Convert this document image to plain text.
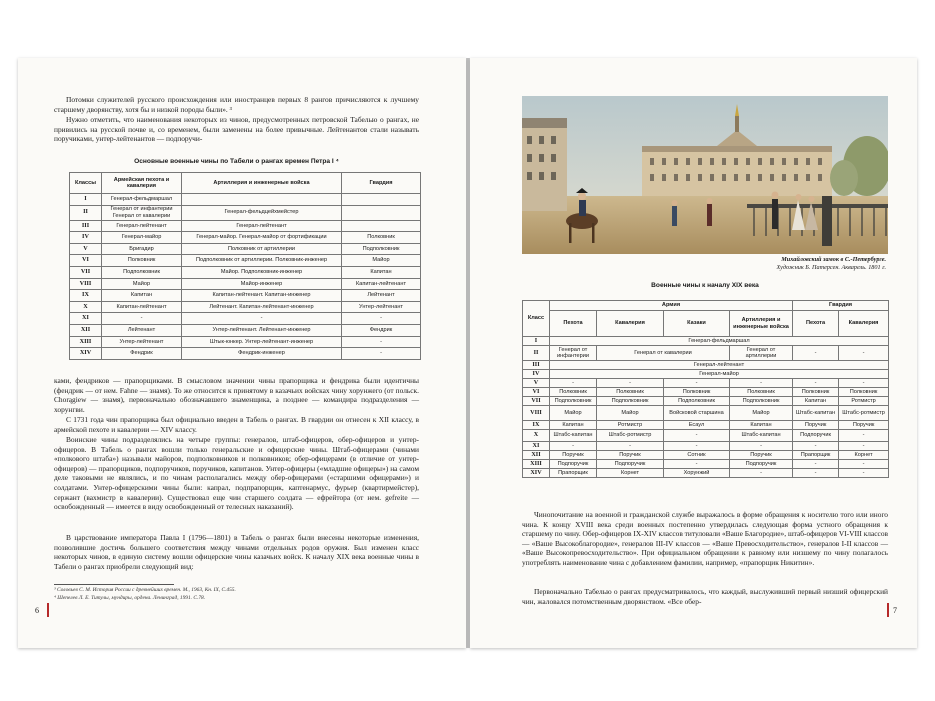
Потомки служителей русского происхождения или иностранцев первых 8 рангов причисляются к лучшему старшему дворянству, хотя бы и низкой породы были». ³

Нужно отметить, что наименования некоторых из чинов, предусмотренных петровской Табелью о рангах, не привились на русской почве и, со временем, были заменены на более привычные. Лейтенантов стали называть поручиками, унтер-лейтенантов — подпоручи-

Основные военные чины по Табели о рангах времен Петра I ⁴
Классы	Армейская пехота и кавалерия	Артиллерия и инженерные войска	Гвардия
I	Генерал-фельдмаршал		
II	Генерал от инфантерии Генерал от кавалерии	Генерал-фельдцейхмейстер	
III	Генерал-лейтенант	Генерал-лейтенант	
IV	Генерал-майор	Генерал-майор. Генерал-майор от фортификации	Полковник
V	Бригадир	Полковник от артиллерии	Подполковник
VI	Полковник	Подполковник от артиллерии. Полковник-инженер	Майор
VII	Подполковник	Майор. Подполковник-инженер	Капитан
VIII	Майор	Майор-инженер	Капитан-лейтенант
IX	Капитан	Капитан-лейтенант. Капитан-инженер	Лейтенант
X	Капитан-лейтенант	Лейтенант. Капитан-лейтенант-инженер	Унтер-лейтенант
XI	-	-	-
XII	Лейтенант	Унтер-лейтенант. Лейтенант-инженер	Фендрик
XIII	Унтер-лейтенант	Штык-юнкер. Унтер-лейтенант-инженер	-
XIV	Фендрик	Фендрик-инженер	-

ками, фендриков — прапорщиками. В смысловом значении чины прапорщика и фендрика были идентичны (фендрик — от нем. Fahne — знамя). То же относится к принятому в казачьих войсках чину хорунжего (от польск. Chorągiew — знамя), первоначально обозначавшего знаменщика, а позднее — командира подразделения — хорунгви.

С 1731 года чин прапорщика был официально введен в Табель о рангах. В гвардии он отнесен к XII классу, в армейской пехоте и кавалерии — XIV классу.

Воинские чины подразделялись на четыре группы: генералов, штаб-офицеров, обер-офицеров и унтер-офицеров. В Табель о рангах вошли только генеральские и офицерские чины. Штаб-офицерами (чинами «полкового штаба») называли майоров, подполковников и полковников; обер-офицерами (в отличие от унтер-офицеров) — прапорщиков, подпоручиков, поручиков, капитанов. Унтер-офицеры («младшие офицеры») на самом деле таковыми не являлись, и по чинам располагались между обер-офицерами («старшими офицерами») и солдатами. Унтер-офицерскими чины были: капрал, подпрапорщик, каптенармус, фурьер (квартирмейстер), сержант (вахмистр в кавалерии). Существовал еще чин старшего солдата — ефрейтора (от нем. gefreite — освобожденный — имеется в виду освобожденный от телесных наказаний).

В царствование императора Павла I (1796—1801) в Табель о рангах были внесены некоторые изменения, позволившие достичь большего соответствия между чинами отдельных родов оружия. Был изменен класс некоторых чинов, в единую систему вошли офицерские чины казачьих войск. К началу XIX века военные чины в Табели о рангах приобрели следующий вид:

³ Соловьев С. М. История России с древнейших времен. М., 1963, Кн. IX, С.455.
⁴ Шепелев Л. Е. Титулы, мундиры, ордена. Ленинград, 1991. С.78.
6
Михайловский замок в С.-Петербурге.
Художник Б. Патерсен. Акварель. 1801 г.
Военные чины к началу XIX века
Класс	Армия				Гвардия	
	Пехота	Кавалерия	Казаки	Артиллерия и инженерные войска	Пехота	Кавалерия
I	Генерал-фельдмаршал					
II	Генерал от инфантерии	Генерал от кавалерии		Генерал от артиллерии	-	-
III	Генерал-лейтенант					
IV	Генерал-майор					
V	-	-	-	-	-	-
VI	Полковник	Полковник	Полковник	Полковник	Полковник	Полковник
VII	Подполковник	Подполковник	Подполковник	Подполковник	Капитан	Ротмистр
VIII	Майор	Майор	Войсковой старшина	Майор	Штабс-капитан	Штабс-ротмистр
IX	Капитан	Ротмистр	Есаул	Капитан	Поручик	Поручик
X	Штабс-капитан	Штабс-ротмистр	-	Штабс-капитан	Подпоручик	-
XI	-	-	-	-	-	-
XII	Поручик	Поручик	Сотник	Поручик	Прапорщик	Корнет
XIII	Подпоручик	Подпоручик	-	Подпоручик	-	-
XIV	Прапорщик	Корнет	Хорунжий	-	-	-

Чинопочитание на военной и гражданской службе выражалось в форме обращения к носителю того или иного чина. К концу XVIII века среди военных постепенно утвердилась следующая форма устного обращения к старшему по чину. Обер-офицеров IX-XIV классов титуловали «Ваше Благородие», штаб-офицеров VI-VIII классов — «Ваше Высокоблагородие», генералов III-IV классов — «Ваше Превосходительство», генералов I-II классов — «Ваше Высокопревосходительство». При официальном обращении к равному или низшему по чину полагалось употреблять наименование чина с добавлением фамилии, например, «прапорщик Никитин».

Первоначально Табелью о рангах предусматривалось, что каждый, выслуживший первый низший офицерский чин, жаловался потомственным дворянством. «Все обер-

7
